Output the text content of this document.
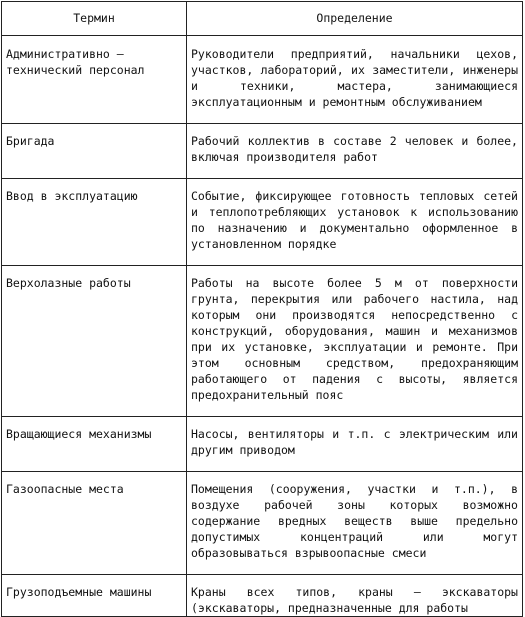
Термин	Определение
Административно – технический персонал	Руководители предприятий, начальники цехов, участков, лабораторий, их заместители, инженеры и техники, мастера, занимающиеся эксплуатационным и ремонтным обслуживанием
Бригада	Рабочий коллектив в составе 2 человек и более, включая производителя работ
Ввод в эксплуатацию	Событие, фиксирующее готовность тепловых сетей и теплопотребляющих установок к использованию по назначению и документально оформленное в установленном порядке
Верхолазные работы	Работы на высоте более 5 м от поверхности грунта, перекрытия или рабочего настила, над которым они производятся непосредственно с конструкций, оборудования, машин и механизмов при их установке, эксплуатации и ремонте. При этом основным средством, предохраняющим работающего от падения с высоты, является предохранительный пояс
Вращающиеся механизмы	Насосы, вентиляторы и т.п. с электрическим или другим приводом
Газоопасные места	Помещения (сооружения, участки и т.п.), в воздухе рабочей зоны которых возможно содержание вредных веществ выше предельно допустимых концентраций или могут образовываться взрывоопасные смеси
Грузоподъемные машины	Краны всех типов, краны – экскаваторы (экскаваторы, предназначенные для работы
